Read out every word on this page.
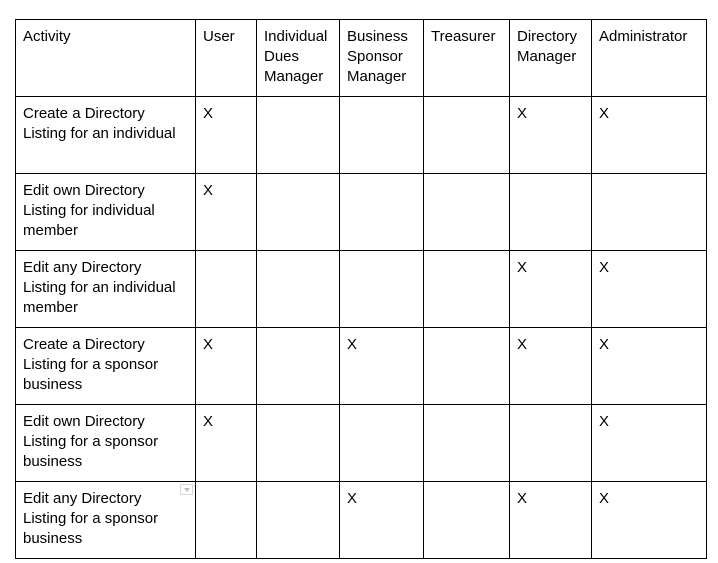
Activity	User	Individual Dues Manager	Business Sponsor Manager	Treasurer	Directory Manager	Administrator
Create a Directory Listing for an individual	X				X	X
Edit own Directory Listing for individual member	X					
Edit any Directory Listing for an individual member					X	X
Create a Directory Listing for a sponsor business	X		X		X	X
Edit own Directory Listing for a sponsor business	X					X

Edit any Directory Listing for a sponsor business			X		X	X
